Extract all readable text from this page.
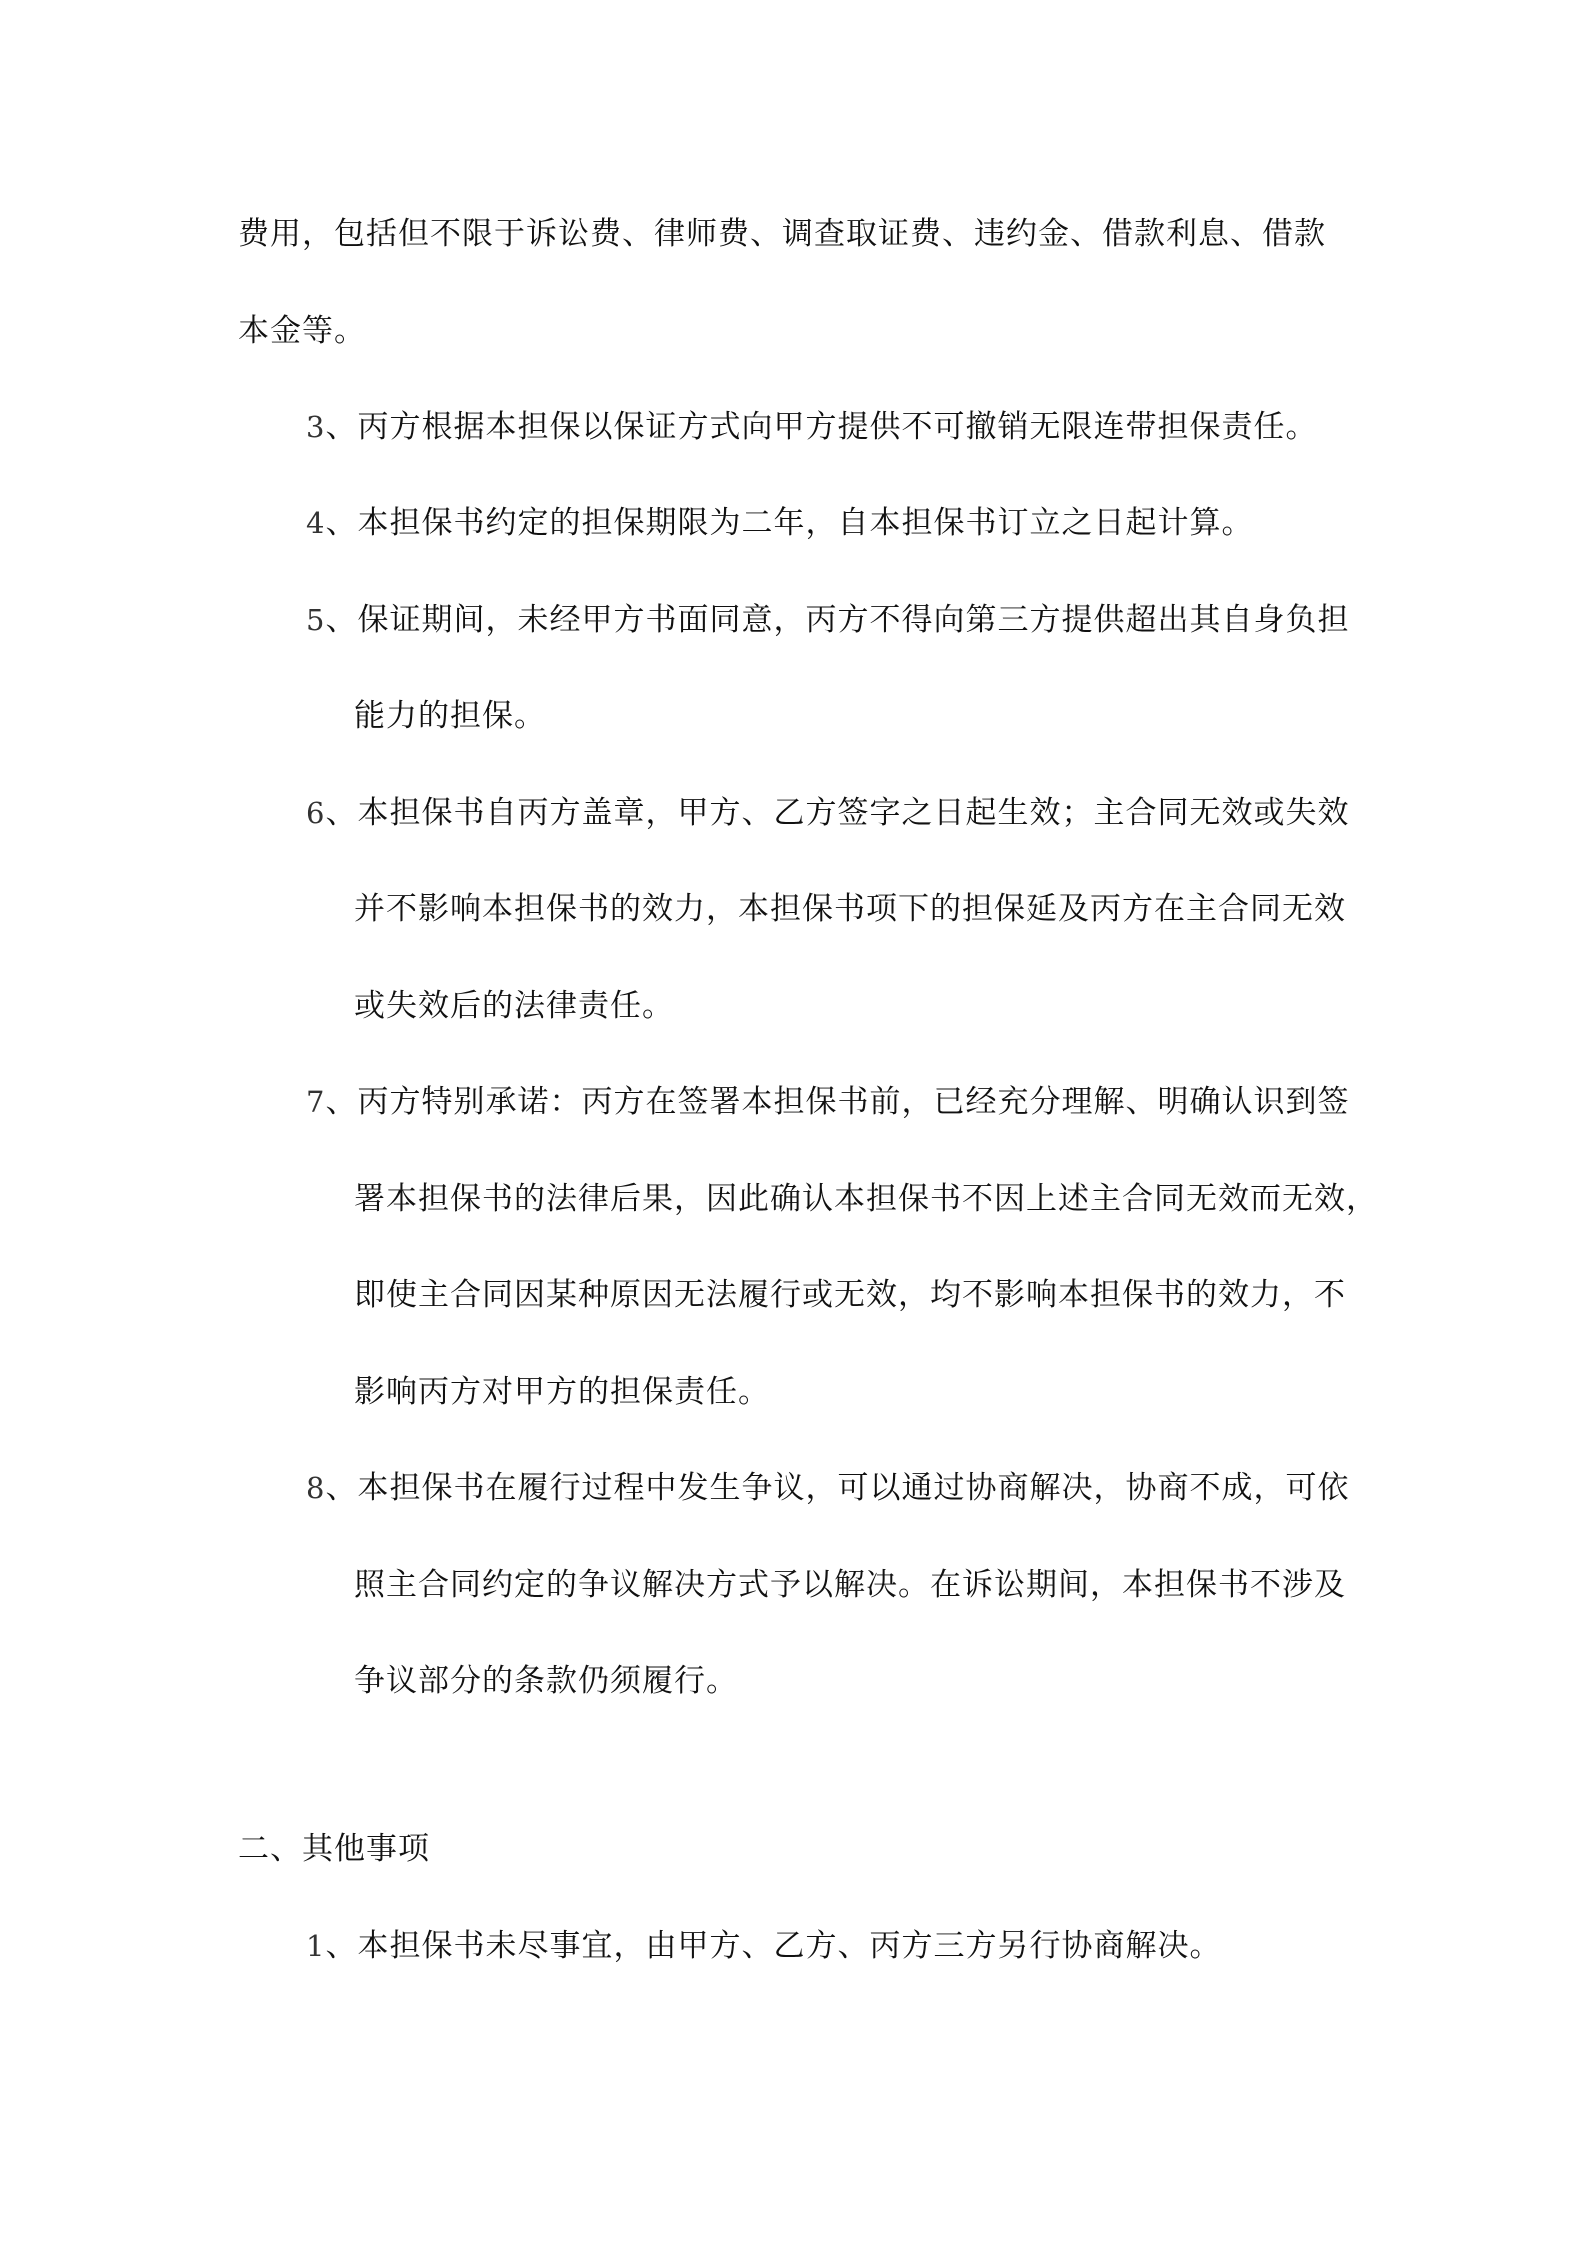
费用，包括但不限于诉讼费、律师费、调查取证费、违约金、借款利息、借款
本金等。
3、丙方根据本担保以保证方式向甲方提供不可撤销无限连带担保责任。
4、本担保书约定的担保期限为二年，自本担保书订立之日起计算。
5、保证期间，未经甲方书面同意，丙方不得向第三方提供超出其自身负担
能力的担保。
6、本担保书自丙方盖章，甲方、乙方签字之日起生效；主合同无效或失效
并不影响本担保书的效力，本担保书项下的担保延及丙方在主合同无效
或失效后的法律责任。
7、丙方特别承诺：丙方在签署本担保书前，已经充分理解、明确认识到签
署本担保书的法律后果，因此确认本担保书不因上述主合同无效而无效，
即使主合同因某种原因无法履行或无效，均不影响本担保书的效力，不
影响丙方对甲方的担保责任。
8、本担保书在履行过程中发生争议，可以通过协商解决，协商不成，可依
照主合同约定的争议解决方式予以解决。在诉讼期间，本担保书不涉及
争议部分的条款仍须履行。
二、其他事项
1、本担保书未尽事宜，由甲方、乙方、丙方三方另行协商解决。
